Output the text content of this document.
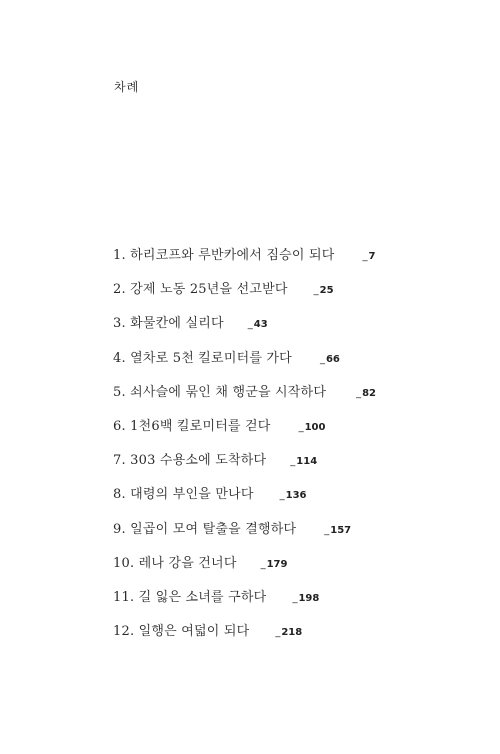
차례
1. 하리코프와 루반카에서 짐승이 되다	_ 7
2. 강제 노동 25년을 선고받다	_ 25
3. 화물칸에 실리다	_ 43
4. 열차로 5천 킬로미터를 가다	_ 66
5. 쇠사슬에 묶인 채 행군을 시작하다	_ 82
6. 1천6백 킬로미터를 걷다	_ 100
7. 303 수용소에 도착하다	_ 114
8. 대령의 부인을 만나다	_ 136
9. 일곱이 모여 탈출을 결행하다	_ 157
10. 레나 강을 건너다	_ 179
11. 길 잃은 소녀를 구하다	_ 198
12. 일행은 여덟이 되다	_ 218
